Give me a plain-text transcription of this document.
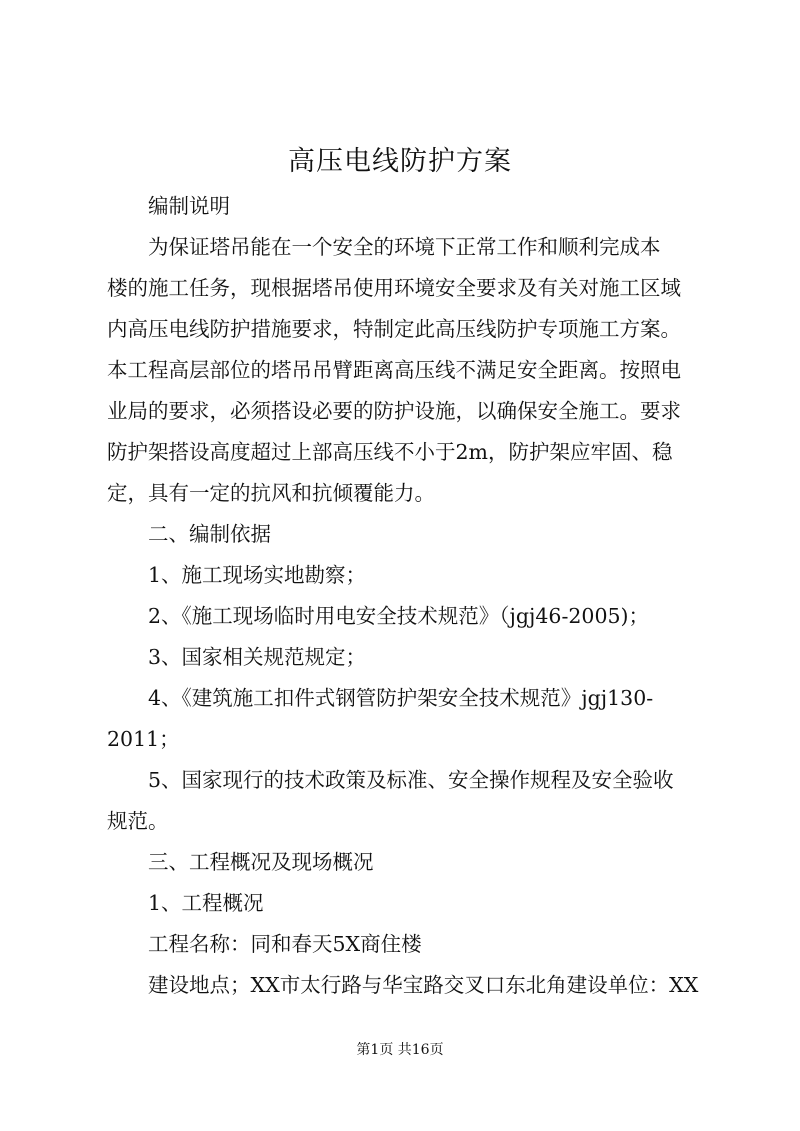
高压电线防护方案
编制说明
为保证塔吊能在一个安全的环境下正常工作和顺利完成本
楼的施工任务，现根据塔吊使用环境安全要求及有关对施工区域
内高压电线防护措施要求，特制定此高压线防护专项施工方案。
本工程高层部位的塔吊吊臂距离高压线不满足安全距离。按照电
业局的要求，必须搭设必要的防护设施，以确保安全施工。要求
防护架搭设高度超过上部高压线不小于2m，防护架应牢固、稳
定，具有一定的抗风和抗倾覆能力。
二、编制依据
1、施工现场实地勘察；
2、《施工现场临时用电安全技术规范》（jgj46-2005)；
3、国家相关规范规定；
4、《建筑施工扣件式钢管防护架安全技术规范》jgj130-
2011；
5、国家现行的技术政策及标准、安全操作规程及安全验收
规范。
三、工程概况及现场概况
1、工程概况
工程名称：同和春天5X商住楼
建设地点；XX市太行路与华宝路交叉口东北角建设单位：XX
第1页 共16页
